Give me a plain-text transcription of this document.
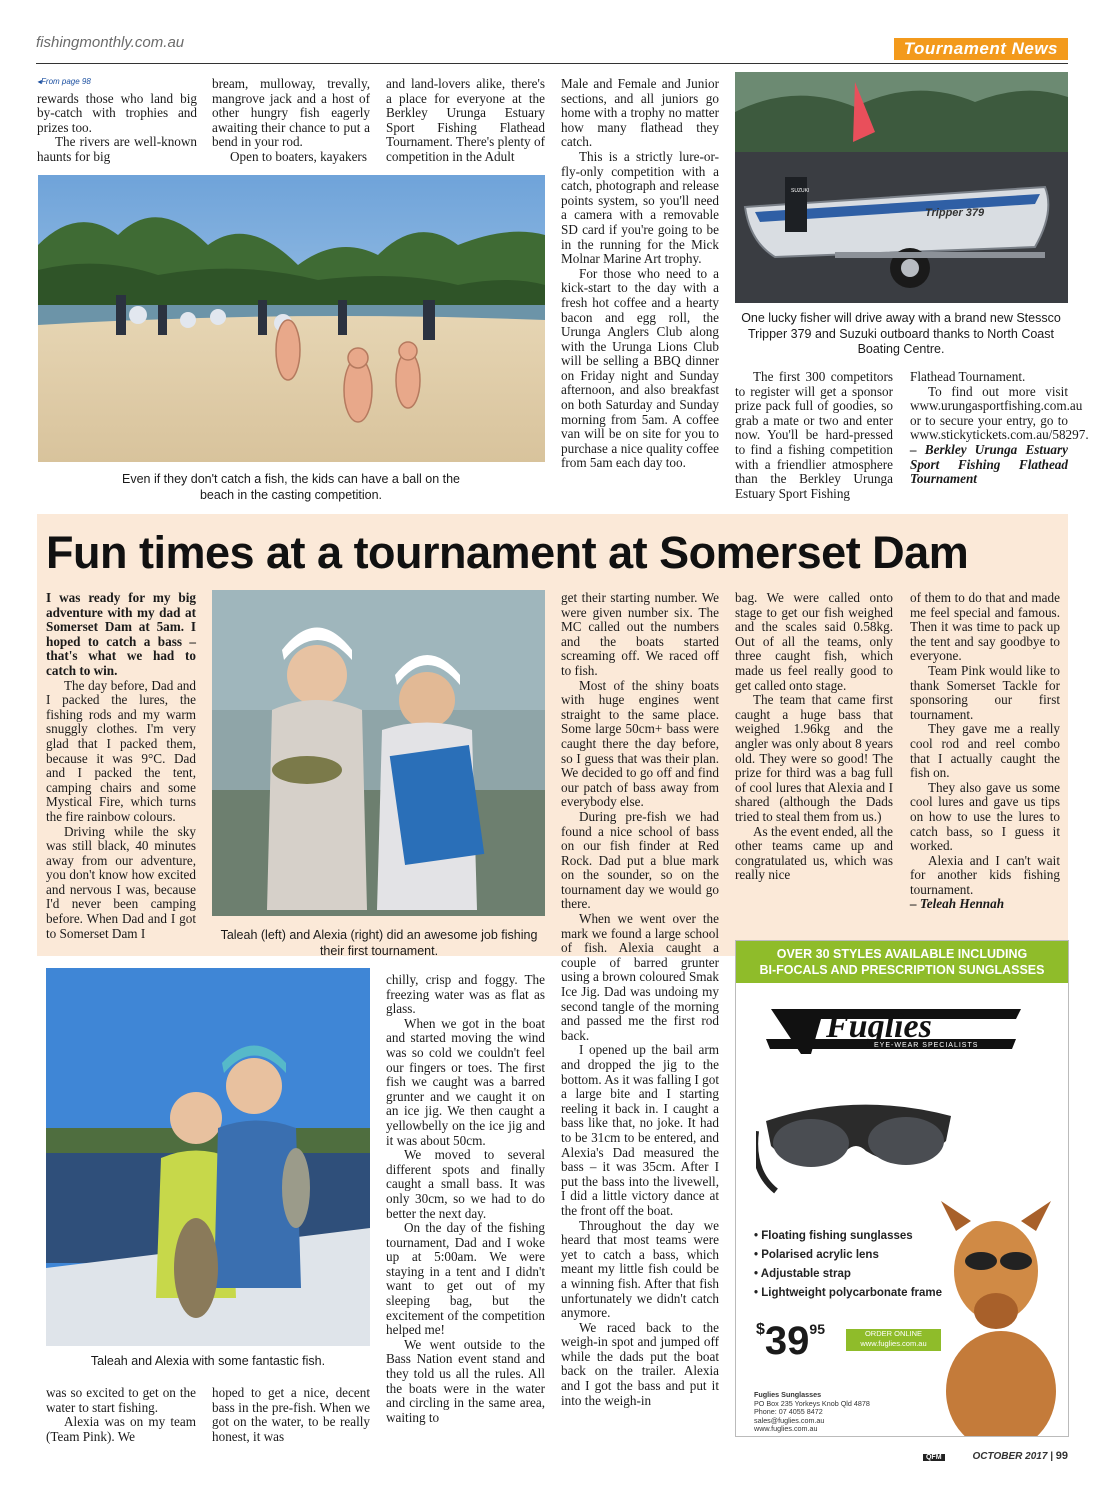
fishingmonthly.com.au	Tournament News
◂From page 98

rewards those who land big by-catch with trophies and prizes too.

The rivers are well-known haunts for big

bream, mulloway, trevally, mangrove jack and a host of other hungry fish eagerly awaiting their chance to put a bend in your rod.

Open to boaters, kayakers

and land-lovers alike, there's a place for everyone at the Berkley Urunga Estuary Sport Fishing Flathead Tournament. There's plenty of competition in the Adult

Male and Female and Junior sections, and all juniors go home with a trophy no matter how many flathead they catch.

This is a strictly lure-or-fly-only competition with a catch, photograph and release points system, so you'll need a camera with a removable SD card if you're going to be in the running for the Mick Molnar Marine Art trophy.

For those who need to a kick-start to the day with a fresh hot coffee and a hearty bacon and egg roll, the Urunga Anglers Club along with the Urunga Lions Club will be selling a BBQ dinner on Friday night and Sunday afternoon, and also breakfast on both Saturday and Sunday morning from 5am. A coffee van will be on site for you to purchase a nice quality coffee from 5am each day too.

Even if they don't catch a fish, the kids can have a ball on the beach in the casting competition.
SUZUKI
Tripper 379
One lucky fisher will drive away with a brand new Stessco Tripper 379 and Suzuki outboard thanks to North Coast Boating Centre.

The first 300 competitors to register will get a sponsor prize pack full of goodies, so grab a mate or two and enter now. You'll be hard-pressed to find a fishing competition with a friendlier atmosphere than the Berkley Urunga Estuary Sport Fishing

Flathead Tournament.

To find out more visit www.urungasportfishing.com.au or to secure your entry, go to www.stickytickets.com.au/58297.

– Berkley Urunga Estuary Sport Fishing Flathead Tournament

Fun times at a tournament at Somerset Dam

I was ready for my big adventure with my dad at Somerset Dam at 5am. I hoped to catch a bass – that's what we had to catch to win.

The day before, Dad and I packed the lures, the fishing rods and my warm snuggly clothes. I'm very glad that I packed them, because it was 9°C. Dad and I packed the tent, camping chairs and some Mystical Fire, which turns the fire rainbow colours.

Driving while the sky was still black, 40 minutes away from our adventure, you don't know how excited and nervous I was, because I'd never been camping before. When Dad and I got to Somerset Dam I	Taleah (left) and Alexia (right) did an awesome job fishing their first tournament.

get their starting number. We were given number six. The MC called out the numbers and the boats started screaming off. We raced off to fish.

Most of the shiny boats with huge engines went straight to the same place. Some large 50cm+ bass were caught there the day before, so I guess that was their plan. We decided to go off and find our patch of bass away from everybody else.

During pre-fish we had found a nice school of bass on our fish finder at Red Rock. Dad put a blue mark on the sounder, so on the tournament day we would go there.

When we went over the mark we found a large school of fish. Alexia caught a couple of barred grunter using a brown coloured Smak Ice Jig. Dad was undoing my second tangle of the morning and passed me the first rod back.

I opened up the bail arm and dropped the jig to the bottom. As it was falling I got a large bite and I starting reeling it back in. I caught a bass like that, no joke. It had to be 31cm to be entered, and Alexia's Dad measured the bass – it was 35cm. After I put the bass into the livewell, I did a little victory dance at the front off the boat.

Throughout the day we heard that most teams were yet to catch a bass, which meant my little fish could be a winning fish. After that fish unfortunately we didn't catch anymore.

We raced back to the weigh-in spot and jumped off while the dads put the boat back on the trailer. Alexia and I got the bass and put it into the weigh-in

bag. We were called onto stage to get our fish weighed and the scales said 0.58kg. Out of all the teams, only three caught fish, which made us feel really good to get called onto stage.

The team that came first caught a huge bass that weighed 1.96kg and the angler was only about 8 years old. They were so good! The prize for third was a bag full of cool lures that Alexia and I shared (although the Dads tried to steal them from us.)

As the event ended, all the other teams came up and congratulated us, which was really nice

of them to do that and made me feel special and famous. Then it was time to pack up the tent and say goodbye to everyone.

Team Pink would like to thank Somerset Tackle for sponsoring our first tournament.

They gave me a really cool rod and reel combo that I actually caught the fish on.

They also gave us some cool lures and gave us tips on how to use the lures to catch bass, so I guess it worked.

Alexia and I can't wait for another kids fishing tournament.

– Teleah Hennah

Taleah and Alexia with some fantastic fish.

was so excited to get on the water to start fishing.

Alexia was on my team (Team Pink). We

hoped to get a nice, decent bass in the pre-fish. When we got on the water, to be really honest, it was

chilly, crisp and foggy. The freezing water was as flat as glass.

When we got in the boat and started moving the wind was so cold we couldn't feel our fingers or toes. The first fish we caught was a barred grunter and we caught it on an ice jig. We then caught a yellowbelly on the ice jig and it was about 50cm.

We moved to several different spots and finally caught a small bass. It was only 30cm, so we had to do better the next day.

On the day of the fishing tournament, Dad and I woke up at 5:00am. We were staying in a tent and I didn't want to get out of my sleeping bag, but the excitement of the competition helped me!

We went outside to the Bass Nation event stand and they told us all the rules. All the boats were in the water and circling in the same area, waiting to

OVER 30 STYLES AVAILABLE INCLUDING
BI-FOCALS AND PRESCRIPTION SUNGLASSES
Fuglies
EYE-WEAR SPECIALISTS
• Floating fishing sunglasses
• Polarised acrylic lens
• Adjustable strap
• Lightweight polycarbonate frame
$3995	ORDER ONLINE
www.fuglies.com.au
Fuglies Sunglasses
PO Box 235 Yorkeys Knob Qld 4878
Phone: 07 4055 8472
sales@fuglies.com.au
www.fuglies.com.au
QFM	OCTOBER 2017 | 99
